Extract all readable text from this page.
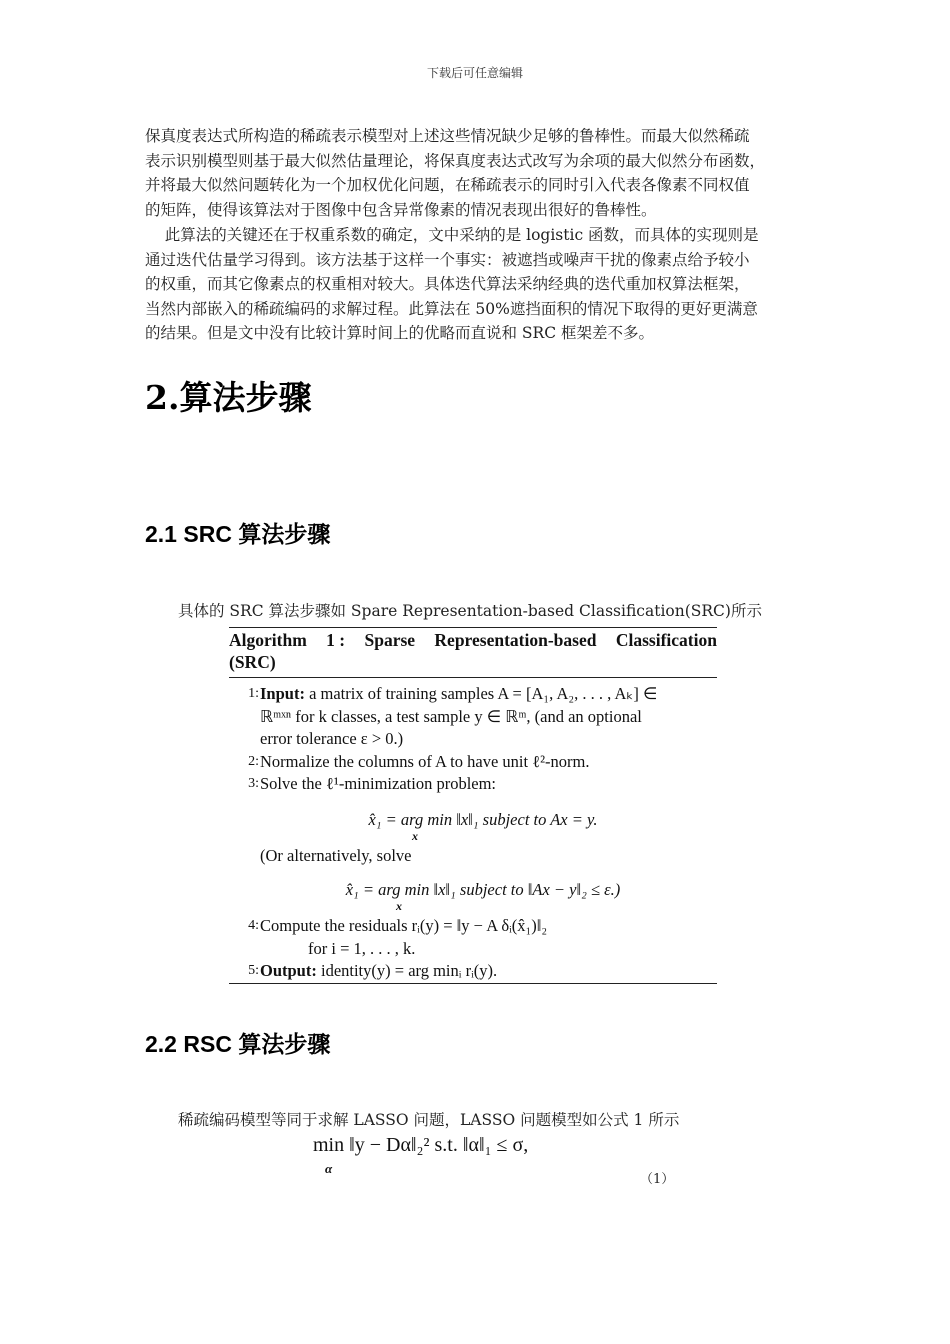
下载后可任意编辑
保真度表达式所构造的稀疏表示模型对上述这些情况缺少足够的鲁棒性。而最大似然稀疏
表示识别模型则基于最大似然估量理论，将保真度表达式改写为余项的最大似然分布函数，
并将最大似然问题转化为一个加权优化问题，在稀疏表示的同时引入代表各像素不同权值
的矩阵，使得该算法对于图像中包含异常像素的情况表现出很好的鲁棒性。
此算法的关键还在于权重系数的确定，文中采纳的是 logistic 函数，而具体的实现则是
通过迭代估量学习得到。该方法基于这样一个事实：被遮挡或噪声干扰的像素点给予较小
的权重，而其它像素点的权重相对较大。具体迭代算法采纳经典的迭代重加权算法框架，
当然内部嵌入的稀疏编码的求解过程。此算法在 50%遮挡面积的情况下取得的更好更满意
的结果。但是文中没有比较计算时间上的优略而直说和 SRC 框架差不多。
2.算法步骤
2.1 SRC 算法步骤
具体的 SRC 算法步骤如 Spare Representation-based Classification(SRC)所示
Algorithm 1 : Sparse Representation-based Classification
(SRC)
1: Input: a matrix of training samples A = [A₁, A₂, . . . , Aₖ] ∈
ℝᵐˣⁿ for k classes, a test sample y ∈ ℝᵐ, (and an optional
error tolerance ε > 0.)
2: Normalize the columns of A to have unit ℓ²-norm.
3: Solve the ℓ¹-minimization problem:
x̂₁ = arg min ‖x‖₁ subject to Ax = y.
x
(Or alternatively, solve
x̂₁ = arg min ‖x‖₁ subject to ‖Ax − y‖₂ ≤ ε.)
x
4: Compute the residuals rᵢ(y) = ‖y − A δᵢ(x̂₁)‖₂
for i = 1, . . . , k.
5: Output: identity(y) = arg minᵢ rᵢ(y).
2.2 RSC 算法步骤
稀疏编码模型等同于求解 LASSO 问题，LASSO 问题模型如公式 1 所示
min ‖y − Dα‖₂² s.t. ‖α‖₁ ≤ σ,
α
（1）
